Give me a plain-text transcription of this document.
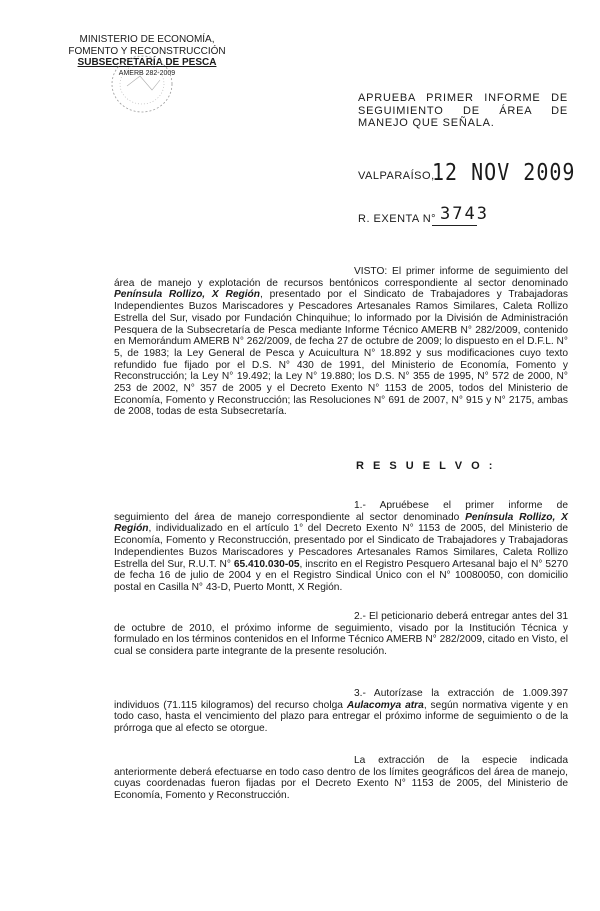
MINISTERIO DE ECONOMÍA,
FOMENTO Y RECONSTRUCCIÓN
SUBSECRETARÍA DE PESCA
AMERB 282-2009
APRUEBA PRIMER INFORME DE SEGUIMIENTO DE ÁREA DE MANEJO QUE SEÑALA.
VALPARAÍSO,
12 NOV 2009
R. EXENTA N° 3743
VISTO: El primer informe de seguimiento del área de manejo y explotación de recursos bentónicos correspondiente al sector denominado Península Rollizo, X Región, presentado por el Sindicato de Trabajadores y Trabajadoras Independientes Buzos Mariscadores y Pescadores Artesanales Ramos Similares, Caleta Rollizo Estrella del Sur, visado por Fundación Chinquihue; lo informado por la División de Administración Pesquera de la Subsecretaría de Pesca mediante Informe Técnico AMERB N° 282/2009, contenido en Memorándum AMERB N° 262/2009, de fecha 27 de octubre de 2009; lo dispuesto en el D.F.L. N° 5, de 1983; la Ley General de Pesca y Acuicultura N° 18.892 y sus modificaciones cuyo texto refundido fue fijado por el D.S. N° 430 de 1991, del Ministerio de Economía, Fomento y Reconstrucción; la Ley N° 19.492; la Ley N° 19.880; los D.S. N° 355 de 1995, N° 572 de 2000, N° 253 de 2002, N° 357 de 2005 y el Decreto Exento N° 1153 de 2005, todos del Ministerio de Economía, Fomento y Reconstrucción; las Resoluciones N° 691 de 2007, N° 915 y N° 2175, ambas de 2008, todas de esta Subsecretaría.
R E S U E L V O :
1.- Apruébese el primer informe de seguimiento del área de manejo correspondiente al sector denominado Península Rollizo, X Región, individualizado en el artículo 1° del Decreto Exento N° 1153 de 2005, del Ministerio de Economía, Fomento y Reconstrucción, presentado por el Sindicato de Trabajadores y Trabajadoras Independientes Buzos Mariscadores y Pescadores Artesanales Ramos Similares, Caleta Rollizo Estrella del Sur, R.U.T. N° 65.410.030-05, inscrito en el Registro Pesquero Artesanal bajo el N° 5270 de fecha 16 de julio de 2004 y en el Registro Sindical Único con el N° 10080050, con domicilio postal en Casilla N° 43-D, Puerto Montt, X Región.
2.- El peticionario deberá entregar antes del 31 de octubre de 2010, el próximo informe de seguimiento, visado por la Institución Técnica y formulado en los términos contenidos en el Informe Técnico AMERB N° 282/2009, citado en Visto, el cual se considera parte integrante de la presente resolución.
3.- Autorízase la extracción de 1.009.397 individuos (71.115 kilogramos) del recurso cholga Aulacomya atra, según normativa vigente y en todo caso, hasta el vencimiento del plazo para entregar el próximo informe de seguimiento o de la prórroga que al efecto se otorgue.
La extracción de la especie indicada anteriormente deberá efectuarse en todo caso dentro de los límites geográficos del área de manejo, cuyas coordenadas fueron fijadas por el Decreto Exento N° 1153 de 2005, del Ministerio de Economía, Fomento y Reconstrucción.
